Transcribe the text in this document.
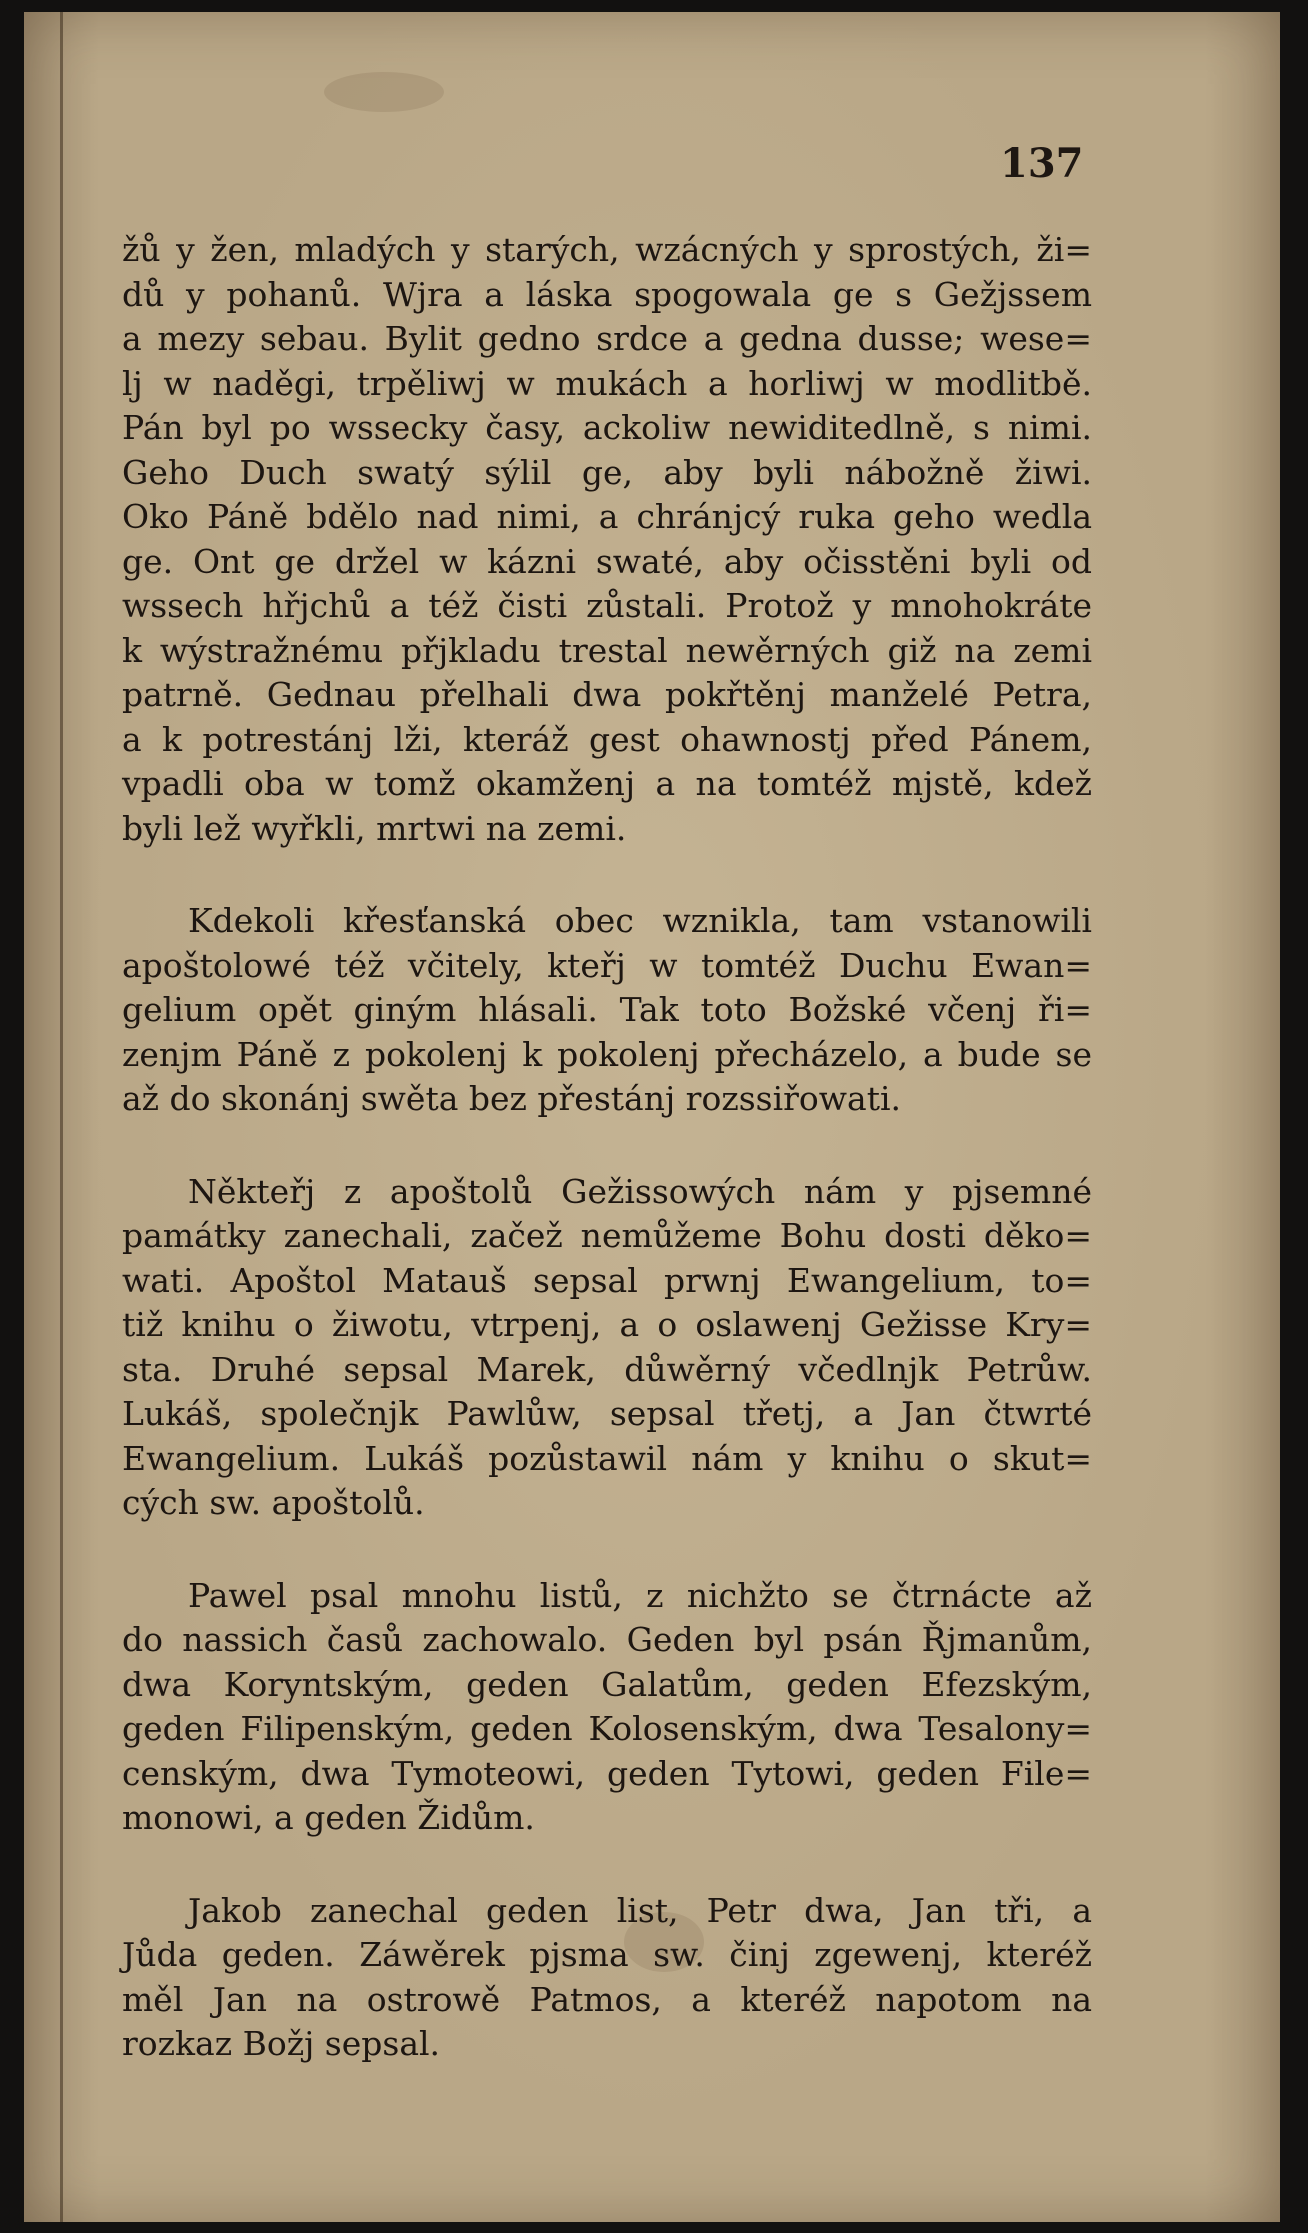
137
žů y žen, mladých y starých, wzácných y sprostých, ži=
dů y pohanů. Wjra a láska spogowala ge s Gežjssem
a mezy sebau. Bylit gedno srdce a gedna dusse; wese=
lj w naděgi, trpěliwj w mukách a horliwj w modlitbě.
Pán byl po wssecky časy, ackoliw newiditedlně, s nimi.
Geho Duch swatý sýlil ge, aby byli nábožně žiwi.
Oko Páně bdělo nad nimi, a chránjcý ruka geho wedla
ge. Ont ge držel w kázni swaté, aby očisstěni byli od
wssech hřjchů a též čisti zůstali. Protož y mnohokráte
k wýstražnému přjkladu trestal newěrných giž na zemi
patrně. Gednau přelhali dwa pokřtěnj manželé Petra,
a k potrestánj lži, kteráž gest ohawnostj před Pánem,
vpadli oba w tomž okamženj a na tomtéž mjstě, kdež
byli lež wyřkli, mrtwi na zemi.
Kdekoli křesťanská obec wznikla, tam vstanowili
apoštolowé též včitely, kteřj w tomtéž Duchu Ewan=
gelium opět giným hlásali. Tak toto Božské včenj ři=
zenjm Páně z pokolenj k pokolenj přecházelo, a bude se
až do skonánj swěta bez přestánj rozssiřowati.
Někteřj z apoštolů Gežissowých nám y pjsemné
památky zanechali, začež nemůžeme Bohu dosti děko=
wati. Apoštol Matauš sepsal prwnj Ewangelium, to=
tiž knihu o žiwotu, vtrpenj, a o oslawenj Gežisse Kry=
sta. Druhé sepsal Marek, důwěrný včedlnjk Petrůw.
Lukáš, společnjk Pawlůw, sepsal třetj, a Jan čtwrté
Ewangelium. Lukáš pozůstawil nám y knihu o skut=
cých sw. apoštolů.
Pawel psal mnohu listů, z nichžto se čtrnácte až
do nassich časů zachowalo. Geden byl psán Řjmanům,
dwa Koryntským, geden Galatům, geden Efezským,
geden Filipenským, geden Kolosenským, dwa Tesalony=
cenským, dwa Tymoteowi, geden Tytowi, geden File=
monowi, a geden Židům.
Jakob zanechal geden list, Petr dwa, Jan tři, a
Jůda geden. Záwěrek pjsma sw. činj zgewenj, kteréž
měl Jan na ostrowě Patmos, a kteréž napotom na
rozkaz Božj sepsal.
